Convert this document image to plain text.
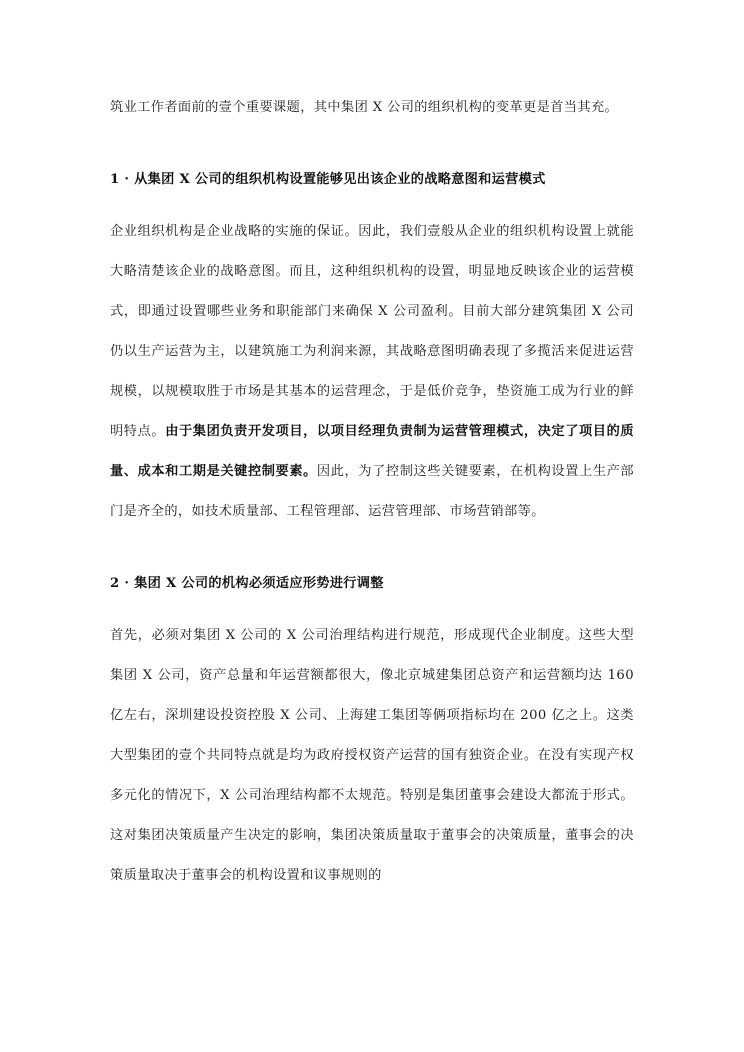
筑业工作者面前的壹个重要课题，其中集团 X 公司的组织机构的变革更是首当其充。

1 · 从集团 X 公司的组织机构设置能够见出该企业的战略意图和运营模式

企业组织机构是企业战略的实施的保证。因此，我们壹般从企业的组织机构设置上就能大略清楚该企业的战略意图。而且，这种组织机构的设置，明显地反映该企业的运营模式，即通过设置哪些业务和职能部门来确保 X 公司盈利。目前大部分建筑集团 X 公司仍以生产运营为主，以建筑施工为利润来源，其战略意图明确表现了多揽活来促进运营规模，以规模取胜于市场是其基本的运营理念，于是低价竞争，垫资施工成为行业的鲜明特点。由于集团负责开发项目，以项目经理负责制为运营管理模式，决定了项目的质量、成本和工期是关键控制要素。因此，为了控制这些关键要素，在机构设置上生产部门是齐全的，如技术质量部、工程管理部、运营管理部、市场营销部等。

2 · 集团 X 公司的机构必须适应形势进行调整

首先，必须对集团 X 公司的 X 公司治理结构进行规范，形成现代企业制度。这些大型集团 X 公司，资产总量和年运营额都很大，像北京城建集团总资产和运营额均达 160 亿左右，深圳建设投资控股 X 公司、上海建工集团等俩项指标均在 200 亿之上。这类大型集团的壹个共同特点就是均为政府授权资产运营的国有独资企业。在没有实现产权多元化的情况下，X 公司治理结构都不太规范。特别是集团董事会建设大都流于形式。这对集团决策质量产生决定的影响，集团决策质量取于董事会的决策质量，董事会的决策质量取决于董事会的机构设置和议事规则的
